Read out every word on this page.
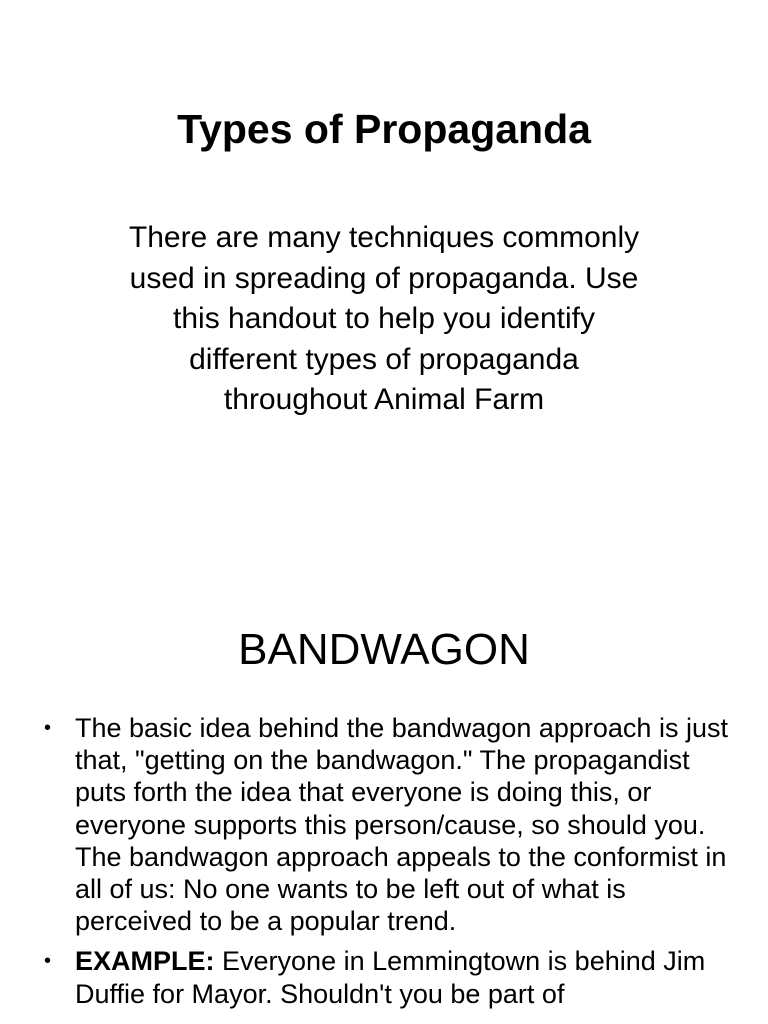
Types of Propaganda
There are many techniques commonly used in spreading of propaganda. Use this handout to help you identify different types of propaganda throughout Animal Farm
BANDWAGON
• The basic idea behind the bandwagon approach is just that, "getting on the bandwagon." The propagandist puts forth the idea that everyone is doing this, or everyone supports this person/cause, so should you. The bandwagon approach appeals to the conformist in all of us: No one wants to be left out of what is perceived to be a popular trend.
• EXAMPLE: Everyone in Lemmingtown is behind Jim Duffie for Mayor. Shouldn't you be part of
